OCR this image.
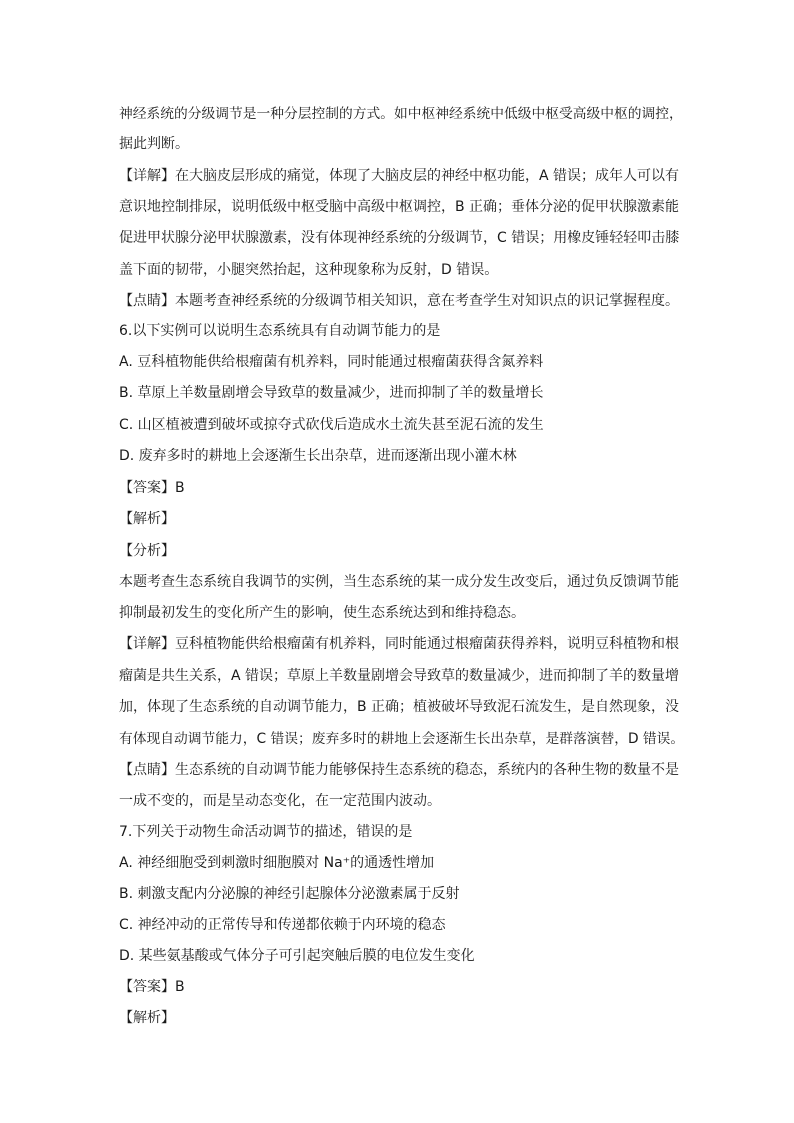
神经系统的分级调节是一种分层控制的方式。如中枢神经系统中低级中枢受高级中枢的调控，
据此判断。
【详解】在大脑皮层形成的痛觉，体现了大脑皮层的神经中枢功能，A 错误；成年人可以有
意识地控制排尿，说明低级中枢受脑中高级中枢调控，B 正确；垂体分泌的促甲状腺激素能
促进甲状腺分泌甲状腺激素，没有体现神经系统的分级调节，C 错误；用橡皮锤轻轻叩击膝
盖下面的韧带，小腿突然抬起，这种现象称为反射，D 错误。
【点睛】本题考查神经系统的分级调节相关知识，意在考查学生对知识点的识记掌握程度。
6.以下实例可以说明生态系统具有自动调节能力的是
A. 豆科植物能供给根瘤菌有机养料，同时能通过根瘤菌获得含氮养料
B. 草原上羊数量剧增会导致草的数量减少，进而抑制了羊的数量增长
C. 山区植被遭到破坏或掠夺式砍伐后造成水土流失甚至泥石流的发生
D. 废弃多时的耕地上会逐渐生长出杂草，进而逐渐出现小灌木林
【答案】B
【解析】
【分析】
本题考查生态系统自我调节的实例，当生态系统的某一成分发生改变后，通过负反馈调节能
抑制最初发生的变化所产生的影响，使生态系统达到和维持稳态。
【详解】豆科植物能供给根瘤菌有机养料，同时能通过根瘤菌获得养料，说明豆科植物和根
瘤菌是共生关系，A 错误；草原上羊数量剧增会导致草的数量减少，进而抑制了羊的数量增
加，体现了生态系统的自动调节能力，B 正确；植被破坏导致泥石流发生，是自然现象，没
有体现自动调节能力，C 错误；废弃多时的耕地上会逐渐生长出杂草，是群落演替，D 错误。
【点睛】生态系统的自动调节能力能够保持生态系统的稳态，系统内的各种生物的数量不是
一成不变的，而是呈动态变化，在一定范围内波动。
7.下列关于动物生命活动调节的描述，错误的是
A. 神经细胞受到刺激时细胞膜对 Na⁺的通透性增加
B. 刺激支配内分泌腺的神经引起腺体分泌激素属于反射
C. 神经冲动的正常传导和传递都依赖于内环境的稳态
D. 某些氨基酸或气体分子可引起突触后膜的电位发生变化
【答案】B
【解析】
